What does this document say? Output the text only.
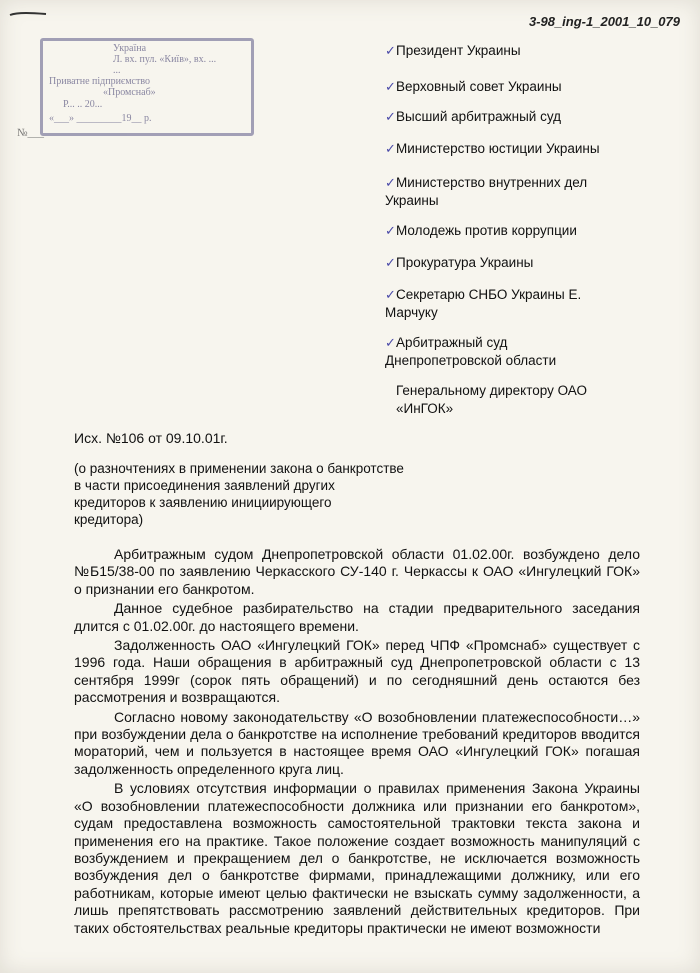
3-98_ing-1_2001_10_079
Україна
Л. вх. пул. «Київ», вх. ...
...
Приватне підприємство
«Промснаб»
Р... .. 20...
«___» _________19__ р.
№___
✓Президент Украины
✓Верховный совет Украины
✓Высший арбитражный суд
✓Министерство юстиции Украины
✓Министерство внутренних дел Украины
✓Молодежь против коррупции
✓Прокуратура Украины
✓Секретарю СНБО Украины Е. Марчуку
✓Арбитражный суд Днепропетровской области
Генеральному директору ОАО «ИнГОК»
Исх. №106 от 09.10.01г.
(о разночтениях в применении закона о банкротстве в части присоединения заявлений других кредиторов к заявлению инициирующего кредитора)

Арбитражным судом Днепропетровской области 01.02.00г. возбуждено дело №Б15/38-00 по заявлению Черкасского СУ-140 г. Черкассы к ОАО «Ингулецкий ГОК» о признании его банкротом.

Данное судебное разбирательство на стадии предварительного заседания длится с 01.02.00г. до настоящего времени.

Задолженность ОАО «Ингулецкий ГОК» перед ЧПФ «Промснаб» существует с 1996 года. Наши обращения в арбитражный суд Днепропетровской области с 13 сентября 1999г (сорок пять обращений) и по сегодняшний день остаются без рассмотрения и возвращаются.

Согласно новому законодательству «О возобновлении платежеспособности…» при возбуждении дела о банкротстве на исполнение требований кредиторов вводится мораторий, чем и пользуется в настоящее время ОАО «Ингулецкий ГОК» погашая задолженность определенного круга лиц.

В условиях отсутствия информации о правилах применения Закона Украины «О возобновлении платежеспособности должника или признании его банкротом», судам предоставлена возможность самостоятельной трактовки текста закона и применения его на практике. Такое положение создает возможность манипуляций с возбуждением и прекращением дел о банкротстве, не исключается возможность возбуждения дел о банкротстве фирмами, принадлежащими должнику, или его работникам, которые имеют целью фактически не взыскать сумму задолженности, а лишь препятствовать рассмотрению заявлений действительных кредиторов. При таких обстоятельствах реальные кредиторы практически не имеют возможности
